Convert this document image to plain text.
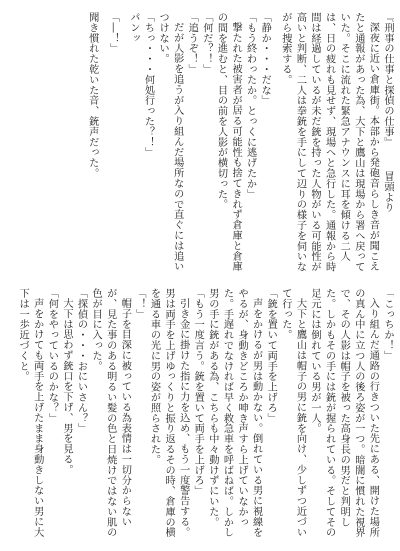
『刑事の仕事と探偵の仕事』冒頭より

深夜に近い倉庫街。本部から発砲音らしき音が聞こえたと通報があった為、大下と鷹山は現場から署へ戻っていた。そこに流れた緊急アナウンスに耳を傾ける二人は、日の疲れも見せず、現場へと急行した。通報から時間は経過しているが未だ銃を持った人物がいる可能性が高いと判断、二人は拳銃を手にして辺りの様子を伺いながら捜索する。

「静か・・・だな」

「もう終わったか。とっくに逃げたか」

撃たれた被害者が居る可能性も捨てきれず倉庫と倉庫の間を進むと、目の前を人影が横切った。

「何だ？！」

「追うぞ！」

だが人影を追うが入り組んだ場所なので直ぐには追いつけない。

「ちっ・・・何処行った？！」

パンッ

「―！」

聞き慣れた乾いた音、銃声だった。

「こっちか！」

入り組んだ通路の行きついた先にある、開けた場所の真ん中に立つ人の後ろ姿が一つ。暗闇に慣れた視界で、その人影は帽子を被った高身長の男だと判明した。しかもその手には銃が握られている。そしてその足元には倒れている男が一人。

大下と鷹山は帽子の男に銃を向け、少しずつ近づいて行った。

「銃を置いて両手を上げろ」

声をかけるが男は動かない。倒れている男に視線をやるが、身動きどころか呻き声すら上げていなかった。手遅れでなければ早く救急車を呼ばねば。しかし男の手に銃がある為、こちらも中々動けずにいた。

「もう一度言う。銃を置いて両手を上げろ」

引き金に掛けた指に力を込め、もう一度警告する。男は両手を上げゆっくりと振り返るその時、倉庫の横を通る車の光に男の姿が照らされた。

「！」

帽子を目深に被っている為表情は一切分からないが、見た事のある明るい髪の色と日焼けではない肌の色が目に入った。

「探偵の・・・おにいさん？」

大下は思わず銃口を下げ、男を見る。

「何をやっているのかな？」

声をかけても両手を上げたまま身動きしない男に大下は一歩近づくと。
